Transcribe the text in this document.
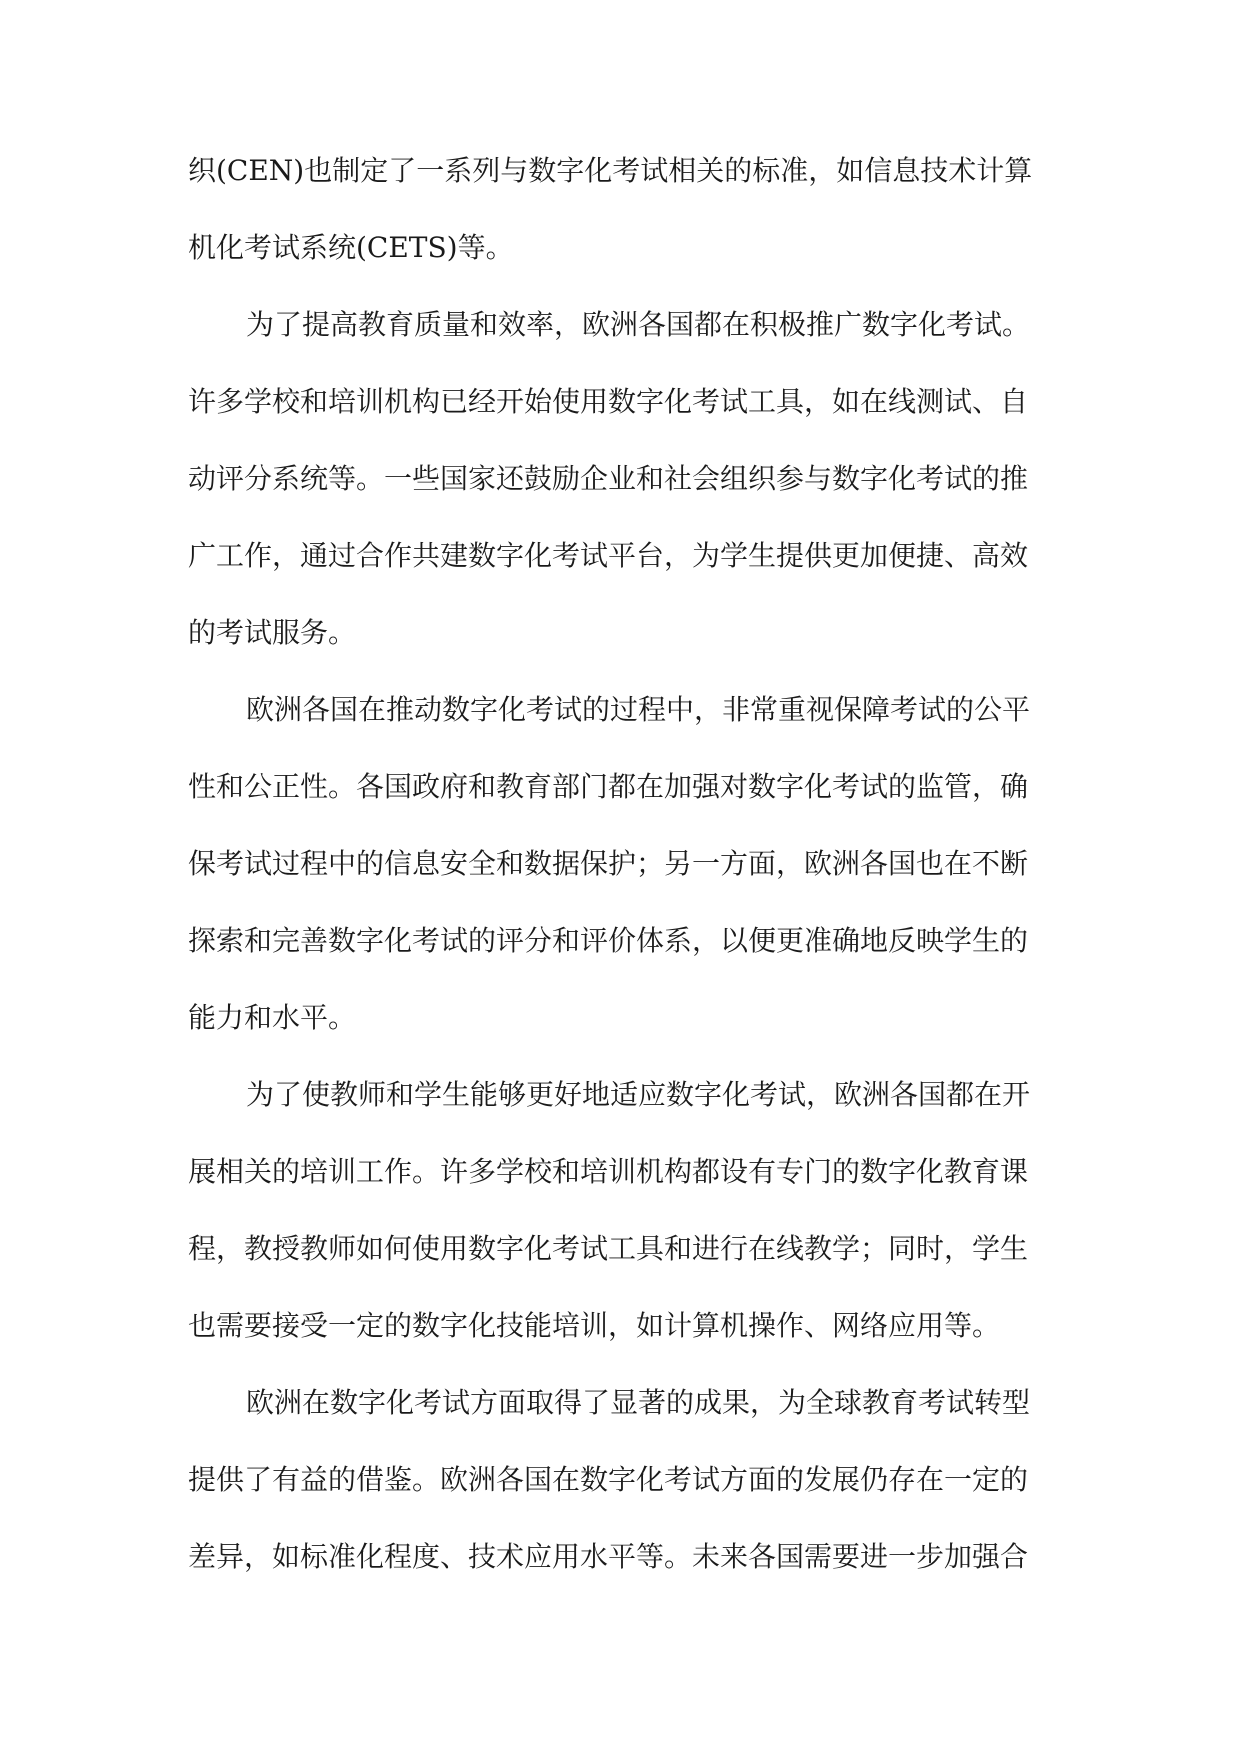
织(CEN)也制定了一系列与数字化考试相关的标准，如信息技术计算
机化考试系统(CETS)等。
为了提高教育质量和效率，欧洲各国都在积极推广数字化考试。
许多学校和培训机构已经开始使用数字化考试工具，如在线测试、自
动评分系统等。一些国家还鼓励企业和社会组织参与数字化考试的推
广工作，通过合作共建数字化考试平台，为学生提供更加便捷、高效
的考试服务。
欧洲各国在推动数字化考试的过程中，非常重视保障考试的公平
性和公正性。各国政府和教育部门都在加强对数字化考试的监管，确
保考试过程中的信息安全和数据保护；另一方面，欧洲各国也在不断
探索和完善数字化考试的评分和评价体系，以便更准确地反映学生的
能力和水平。
为了使教师和学生能够更好地适应数字化考试，欧洲各国都在开
展相关的培训工作。许多学校和培训机构都设有专门的数字化教育课
程，教授教师如何使用数字化考试工具和进行在线教学；同时，学生
也需要接受一定的数字化技能培训，如计算机操作、网络应用等。
欧洲在数字化考试方面取得了显著的成果，为全球教育考试转型
提供了有益的借鉴。欧洲各国在数字化考试方面的发展仍存在一定的
差异，如标准化程度、技术应用水平等。未来各国需要进一步加强合
